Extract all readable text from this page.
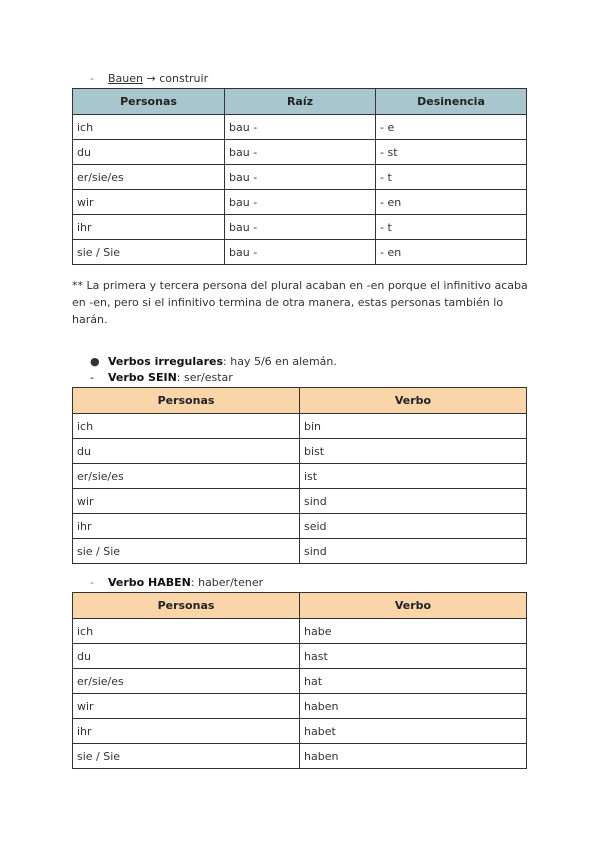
- Bauen → construir
Personas	Raíz	Desinencia
ich	bau -	- e
du	bau -	- st
er/sie/es	bau -	- t
wir	bau -	- en
ihr	bau -	- t
sie / Sie	bau -	- en
** La primera y tercera persona del plural acaban en -en porque el infinitivo acaba en -en, pero si el infinitivo termina de otra manera, estas personas también lo harán.
● Verbos irregulares: hay 5/6 en alemán.
- Verbo SEIN: ser/estar
Personas	Verbo
ich	bin
du	bist
er/sie/es	ist
wir	sind
ihr	seid
sie / Sie	sind
- Verbo HABEN: haber/tener
Personas	Verbo
ich	habe
du	hast
er/sie/es	hat
wir	haben
ihr	habet
sie / Sie	haben
